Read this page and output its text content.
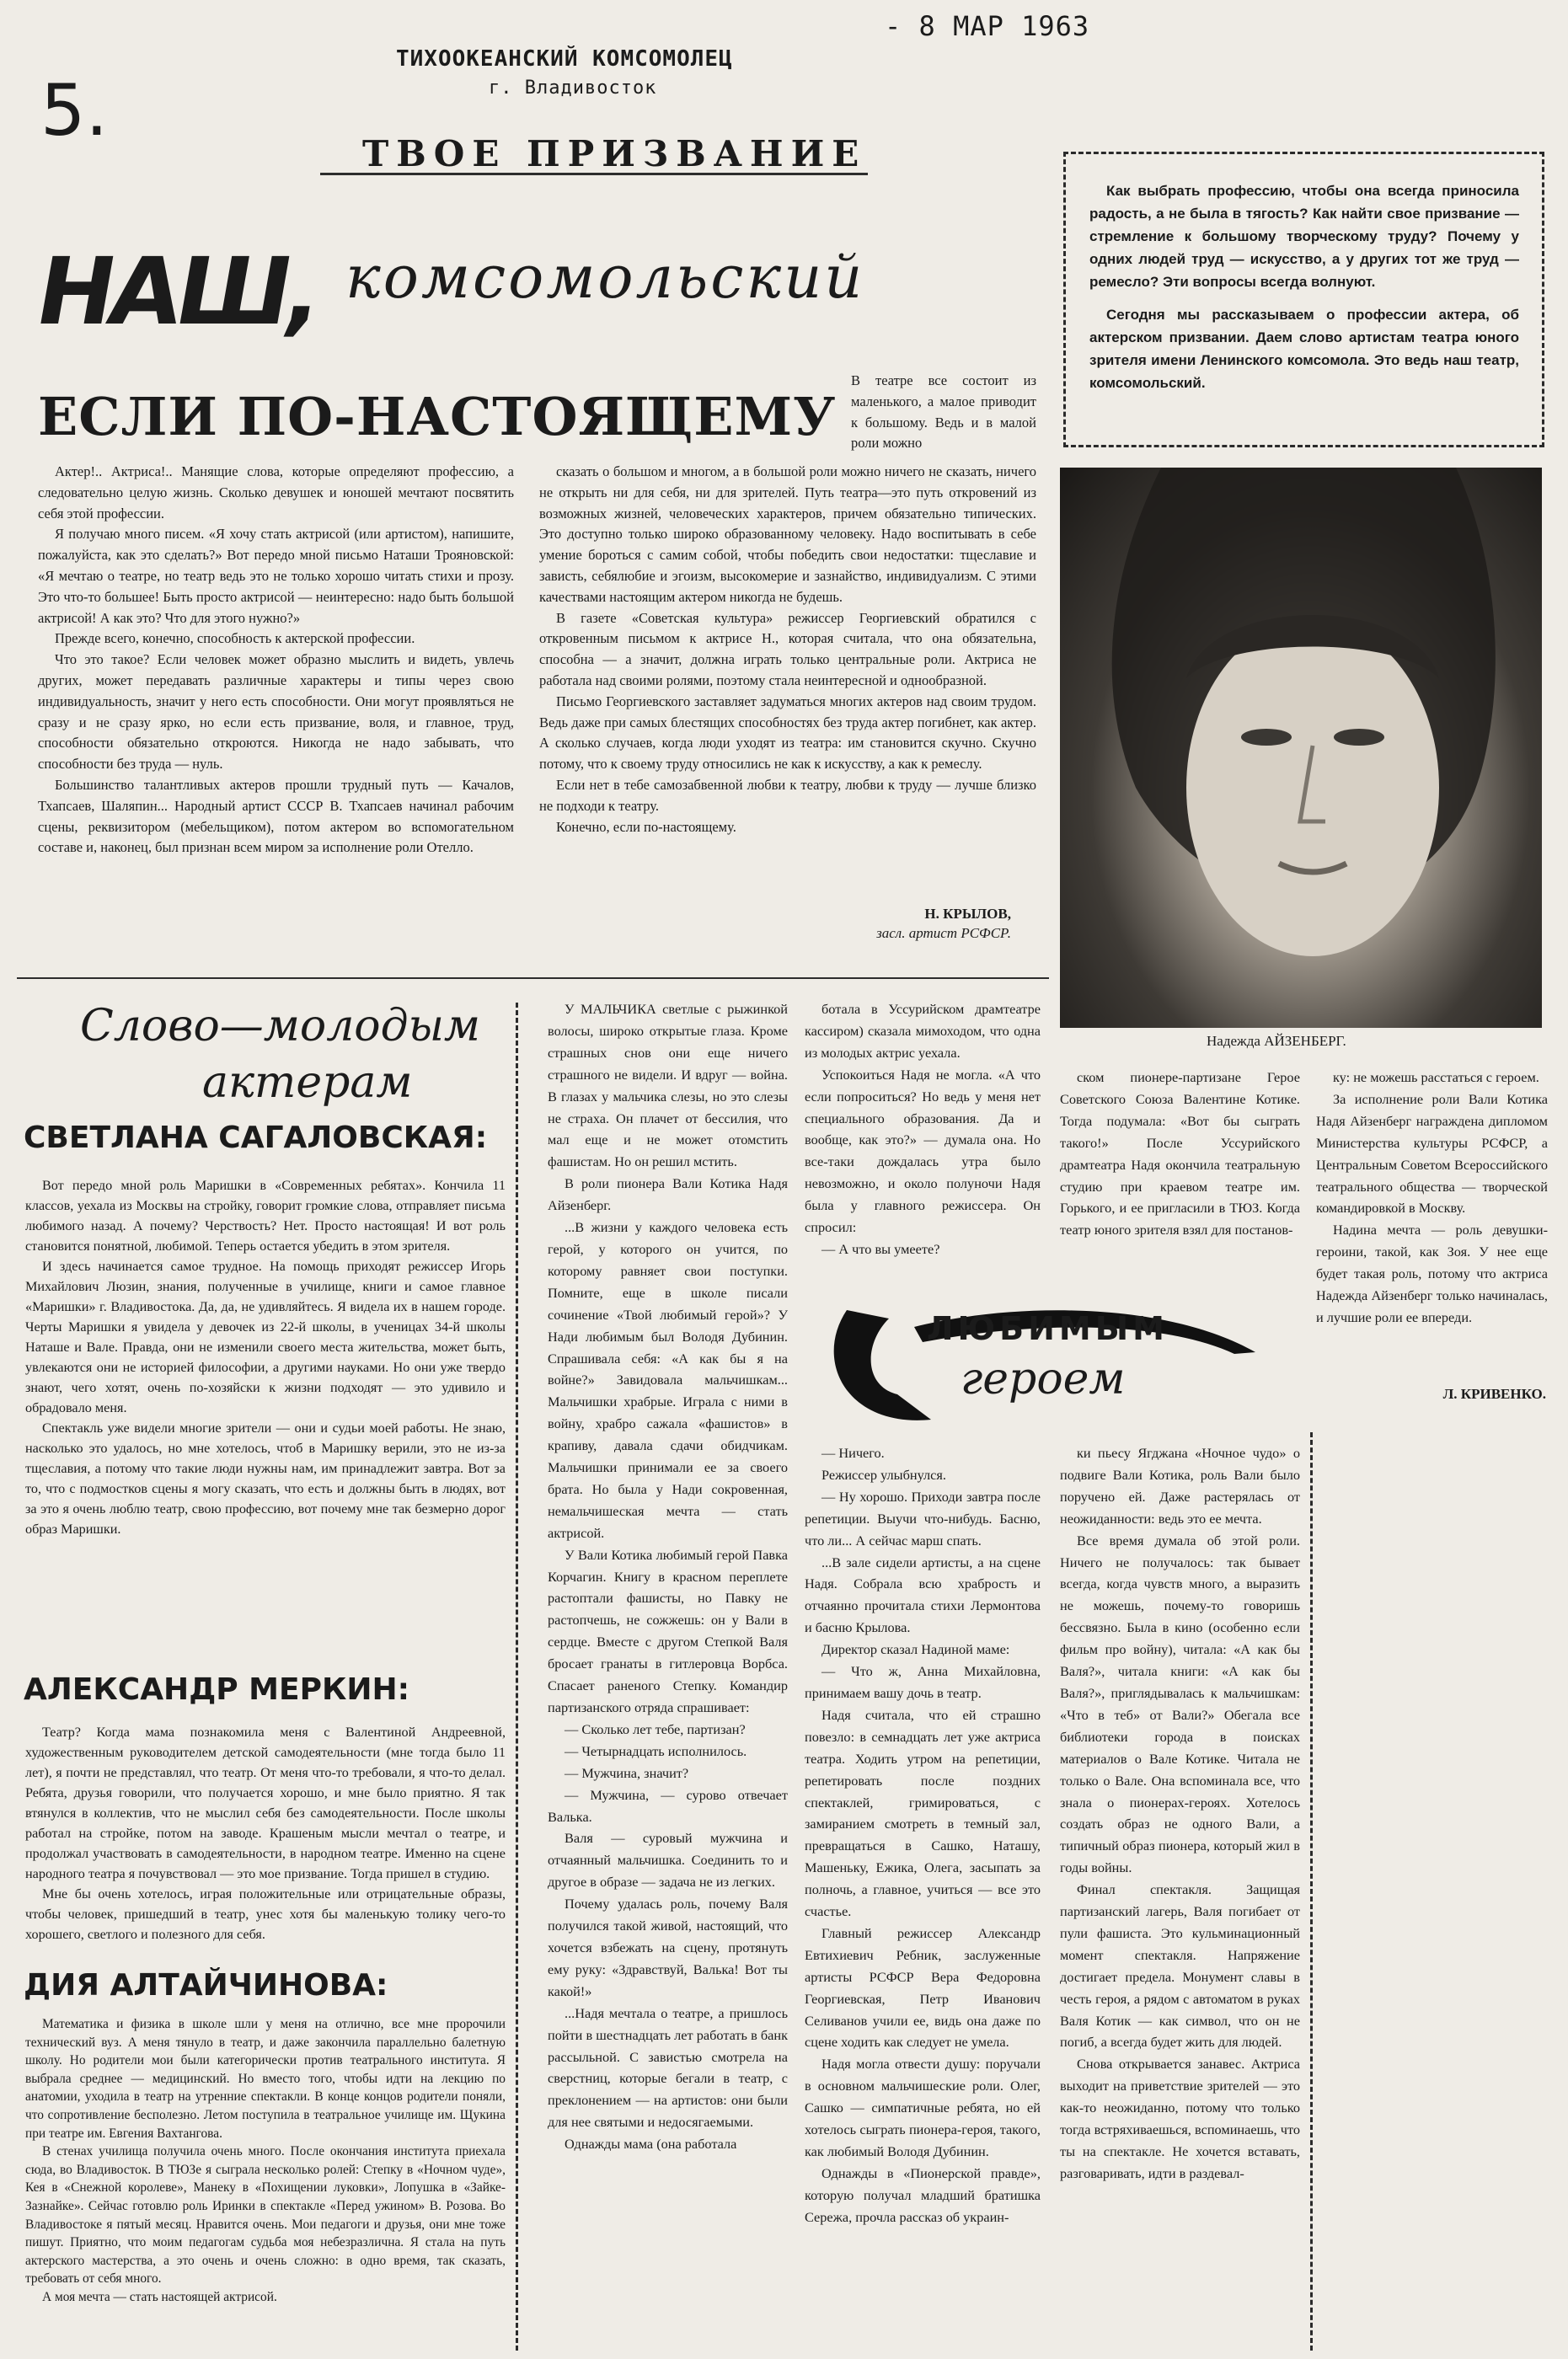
- 8 МАР 1963
ТИХООКЕАНСКИЙ КОМСОМОЛЕЦ
г. Владивосток
5.
ТВОЕ ПРИЗВАНИЕ
НАШ, комсомольский

Как выбрать профессию, чтобы она всегда приносила радость, а не была в тягость? Как найти свое призвание — стремление к большому творческому труду? Почему у одних людей труд — искусство, а у других тот же труд — ремесло? Эти вопросы всегда волнуют.

Сегодня мы рассказываем о профессии актера, об актерском призвании. Даем слово артистам театра юного зрителя имени Ленинского комсомола. Это ведь наш театр, комсомольский.

ЕСЛИ ПО-НАСТОЯЩЕМУ
В театре все состоит из маленького, а малое приводит к большому. Ведь и в малой роли можно

Актер!.. Актриса!.. Манящие слова, которые определяют профессию, а следовательно целую жизнь. Сколько девушек и юношей мечтают посвятить себя этой профессии.

Я получаю много писем. «Я хочу стать актрисой (или артистом), напишите, пожалуйста, как это сделать?» Вот передо мной письмо Наташи Трояновской: «Я мечтаю о театре, но театр ведь это не только хорошо читать стихи и прозу. Это что-то большее! Быть просто актрисой — неинтересно: надо быть большой актрисой! А как это? Что для этого нужно?»

Прежде всего, конечно, способность к актерской профессии.

Что это такое? Если человек может образно мыслить и видеть, увлечь других, может передавать различные характеры и типы через свою индивидуальность, значит у него есть способности. Они могут проявляться не сразу и не сразу ярко, но если есть призвание, воля, и главное, труд, способности обязательно откроются. Никогда не надо забывать, что способности без труда — нуль.

Большинство талантливых актеров прошли трудный путь — Качалов, Тхапсаев, Шаляпин... Народный артист СССР В. Тхапсаев начинал рабочим сцены, реквизитором (мебельщиком), потом актером во вспомогательном составе и, наконец, был признан всем миром за исполнение роли Отелло.

сказать о большом и многом, а в большой роли можно ничего не сказать, ничего не открыть ни для себя, ни для зрителей. Путь театра—это путь откровений из возможных жизней, человеческих характеров, причем обязательно типических. Это доступно только широко образованному человеку. Надо воспитывать в себе умение бороться с самим собой, чтобы победить свои недостатки: тщеславие и зависть, себялюбие и эгоизм, высокомерие и зазнайство, индивидуализм. С этими качествами настоящим актером никогда не будешь.

В газете «Советская культура» режиссер Георгиевский обратился с откровенным письмом к актрисе Н., которая считала, что она обязательна, способна — а значит, должна играть только центральные роли. Актриса не работала над своими ролями, поэтому стала неинтересной и однообразной.

Письмо Георгиевского заставляет задуматься многих актеров над своим трудом. Ведь даже при самых блестящих способностях без труда актер погибнет, как актер. А сколько случаев, когда люди уходят из театра: им становится скучно. Скучно потому, что к своему труду относились не как к искусству, а как к ремеслу.

Если нет в тебе самозабвенной любви к театру, любви к труду — лучше близко не подходи к театру.

Конечно, если по-настоящему.

Н. КРЫЛОВ,
засл. артист РСФСР.
Надежда АЙЗЕНБЕРГ.
Слово—молодым
актерам
СВЕТЛАНА САГАЛОВСКАЯ:

Вот передо мной роль Маришки в «Современных ребятах». Кончила 11 классов, уехала из Москвы на стройку, говорит громкие слова, отправляет письма любимого назад. А почему? Черствость? Нет. Просто настоящая! И вот роль становится понятной, любимой. Теперь остается убедить в этом зрителя.

И здесь начинается самое трудное. На помощь приходят режиссер Игорь Михайлович Люзин, знания, полученные в училище, книги и самое главное «Маришки» г. Владивостока. Да, да, не удивляйтесь. Я видела их в нашем городе. Черты Маришки я увидела у девочек из 22-й школы, в ученицах 34-й школы Наташе и Вале. Правда, они не изменили своего места жительства, может быть, увлекаются они не историей философии, а другими науками. Но они уже твердо знают, чего хотят, очень по-хозяйски к жизни подходят — это удивило и обрадовало меня.

Спектакль уже видели многие зрители — они и судьи моей работы. Не знаю, насколько это удалось, но мне хотелось, чтоб в Маришку верили, это не из-за тщеславия, а потому что такие люди нужны нам, им принадлежит завтра. Вот за то, что с подмостков сцены я могу сказать, что есть и должны быть в людях, вот за это я очень люблю театр, свою профессию, вот почему мне так безмерно дорог образ Маришки.

АЛЕКСАНДР МЕРКИН:

Театр? Когда мама познакомила меня с Валентиной Андреевной, художественным руководителем детской самодеятельности (мне тогда было 11 лет), я почти не представлял, что театр. От меня что-то требовали, я что-то делал. Ребята, друзья говорили, что получается хорошо, и мне было приятно. Я так втянулся в коллектив, что не мыслил себя без самодеятельности. После школы работал на стройке, потом на заводе. Крашеным мысли мечтал о театре, и продолжал участвовать в самодеятельности, в народном театре. Именно на сцене народного театра я почувствовал — это мое призвание. Тогда пришел в студию.

Мне бы очень хотелось, играя положительные или отрицательные образы, чтобы человек, пришедший в театр, унес хотя бы маленькую толику чего-то хорошего, светлого и полезного для себя.

ДИЯ АЛТАЙЧИНОВА:

Математика и физика в школе шли у меня на отлично, все мне пророчили технический вуз. А меня тянуло в театр, и даже закончила параллельно балетную школу. Но родители мои были категорически против театрального института. Я выбрала среднее — медицинский. Но вместо того, чтобы идти на лекцию по анатомии, уходила в театр на утренние спектакли. В конце концов родители поняли, что сопротивление бесполезно. Летом поступила в театральное училище им. Щукина при театре им. Евгения Вахтангова.

В стенах училища получила очень много. После окончания института приехала сюда, во Владивосток. В ТЮЗе я сыграла несколько ролей: Степку в «Ночном чуде», Кея в «Снежной королеве», Манеку в «Похищении луковки», Лопушка в «Зайке-Зазнайке». Сейчас готовлю роль Иринки в спектакле «Перед ужином» В. Розова. Во Владивостоке я пятый месяц. Нравится очень. Мои педагоги и друзья, они мне тоже пишут. Приятно, что моим педагогам судьба моя небезразлична. Я стала на путь актерского мастерства, а это очень и очень сложно: в одно время, так сказать, требовать от себя много.

А моя мечта — стать настоящей актрисой.

ЛЮБИМЫМ
героем

У МАЛЬЧИКА светлые с рыжинкой волосы, широко открытые глаза. Кроме страшных снов они еще ничего страшного не видели. И вдруг — война. В глазах у мальчика слезы, но это слезы не страха. Он плачет от бессилия, что мал еще и не может отомстить фашистам. Но он решил мстить.

В роли пионера Вали Котика Надя Айзенберг.

...В жизни у каждого человека есть герой, у которого он учится, по которому равняет свои поступки. Помните, еще в школе писали сочинение «Твой любимый герой»? У Нади любимым был Володя Дубинин. Спрашивала себя: «А как бы я на войне?» Завидовала мальчишкам... Мальчишки храбрые. Играла с ними в войну, храбро сажала «фашистов» в крапиву, давала сдачи обидчикам. Мальчишки принимали ее за своего брата. Но была у Нади сокровенная, немальчишеская мечта — стать актрисой.

У Вали Котика любимый герой Павка Корчагин. Книгу в красном переплете растоптали фашисты, но Павку не растопчешь, не сожжешь: он у Вали в сердце. Вместе с другом Степкой Валя бросает гранаты в гитлеровца Ворбса. Спасает раненого Степку. Командир партизанского отряда спрашивает:

— Сколько лет тебе, партизан?

— Четырнадцать исполнилось.

— Мужчина, значит?

— Мужчина, — сурово отвечает Валька.

Валя — суровый мужчина и отчаянный мальчишка. Соединить то и другое в образе — задача не из легких.

Почему удалась роль, почему Валя получился такой живой, настоящий, что хочется взбежать на сцену, протянуть ему руку: «Здравствуй, Валька! Вот ты какой!»

...Надя мечтала о театре, а пришлось пойти в шестнадцать лет работать в банк рассыльной. С завистью смотрела на сверстниц, которые бегали в театр, с преклонением — на артистов: они были для нее святыми и недосягаемыми.

Однажды мама (она работала

ботала в Уссурийском драмтеатре кассиром) сказала мимоходом, что одна из молодых актрис уехала.

Успокоиться Надя не могла. «А что если попроситься? Но ведь у меня нет специального образования. Да и вообще, как это?» — думала она. Но все-таки дождалась утра было невозможно, и около полуночи Надя была у главного режиссера. Он спросил:

— А что вы умеете?

— Ничего.

Режиссер улыбнулся.

— Ну хорошо. Приходи завтра после репетиции. Выучи что-нибудь. Басню, что ли... А сейчас марш спать.

...В зале сидели артисты, а на сцене Надя. Собрала всю храбрость и отчаянно прочитала стихи Лермонтова и басню Крылова.

Директор сказал Надиной маме:

— Что ж, Анна Михайловна, принимаем вашу дочь в театр.

Надя считала, что ей страшно повезло: в семнадцать лет уже актриса театра. Ходить утром на репетиции, репетировать после поздних спектаклей, гримироваться, с замиранием смотреть в темный зал, превращаться в Сашко, Наташу, Машеньку, Ежика, Олега, засыпать за полночь, а главное, учиться — все это счастье.

Главный режиссер Александр Евтихиевич Ребник, заслуженные артисты РСФСР Вера Федоровна Георгиевская, Петр Иванович Селиванов учили ее, видь она даже по сцене ходить как следует не умела.

Надя могла отвести душу: поручали в основном мальчишеские роли. Олег, Сашко — симпатичные ребята, но ей хотелось сыграть пионера-героя, такого, как любимый Володя Дубинин.

Однажды в «Пионерской правде», которую получал младший братишка Сережа, прочла рассказ об украин-

ском пионере-партизане Герое Советского Союза Валентине Котике. Тогда подумала: «Вот бы сыграть такого!» После Уссурийского драмтеатра Надя окончила театральную студию при краевом театре им. Горького, и ее пригласили в ТЮЗ. Когда театр юного зрителя взял для постанов-

ки пьесу Ягджана «Ночное чудо» о подвиге Вали Котика, роль Вали было поручено ей. Даже растерялась от неожиданности: ведь это ее мечта.

Все время думала об этой роли. Ничего не получалось: так бывает всегда, когда чувств много, а выразить не можешь, почему-то говоришь бессвязно. Была в кино (особенно если фильм про войну), читала: «А как бы Валя?», читала книги: «А как бы Валя?», приглядывалась к мальчишкам: «Что в теб» от Вали?» Обегала все библиотеки города в поисках материалов о Вале Котике. Читала не только о Вале. Она вспоминала все, что знала о пионерах-героях. Хотелось создать образ не одного Вали, а типичный образ пионера, который жил в годы войны.

Финал спектакля. Защищая партизанский лагерь, Валя погибает от пули фашиста. Это кульминационный момент спектакля. Напряжение достигает предела. Монумент славы в честь героя, а рядом с автоматом в руках Валя Котик — как символ, что он не погиб, а всегда будет жить для людей.

Снова открывается занавес. Актриса выходит на приветствие зрителей — это как-то неожиданно, потому что только тогда встряхиваешься, вспоминаешь, что ты на спектакле. Не хочется вставать, разговаривать, идти в раздевал-

ку: не можешь расстаться с героем.

За исполнение роли Вали Котика Надя Айзенберг награждена дипломом Министерства культуры РСФСР, а Центральным Советом Всероссийского театрального общества — творческой командировкой в Москву.

Надина мечта — роль девушки-героини, такой, как Зоя. У нее еще будет такая роль, потому что актриса Надежда Айзенберг только начиналась, и лучшие роли ее впереди.

Л. КРИВЕНКО.
